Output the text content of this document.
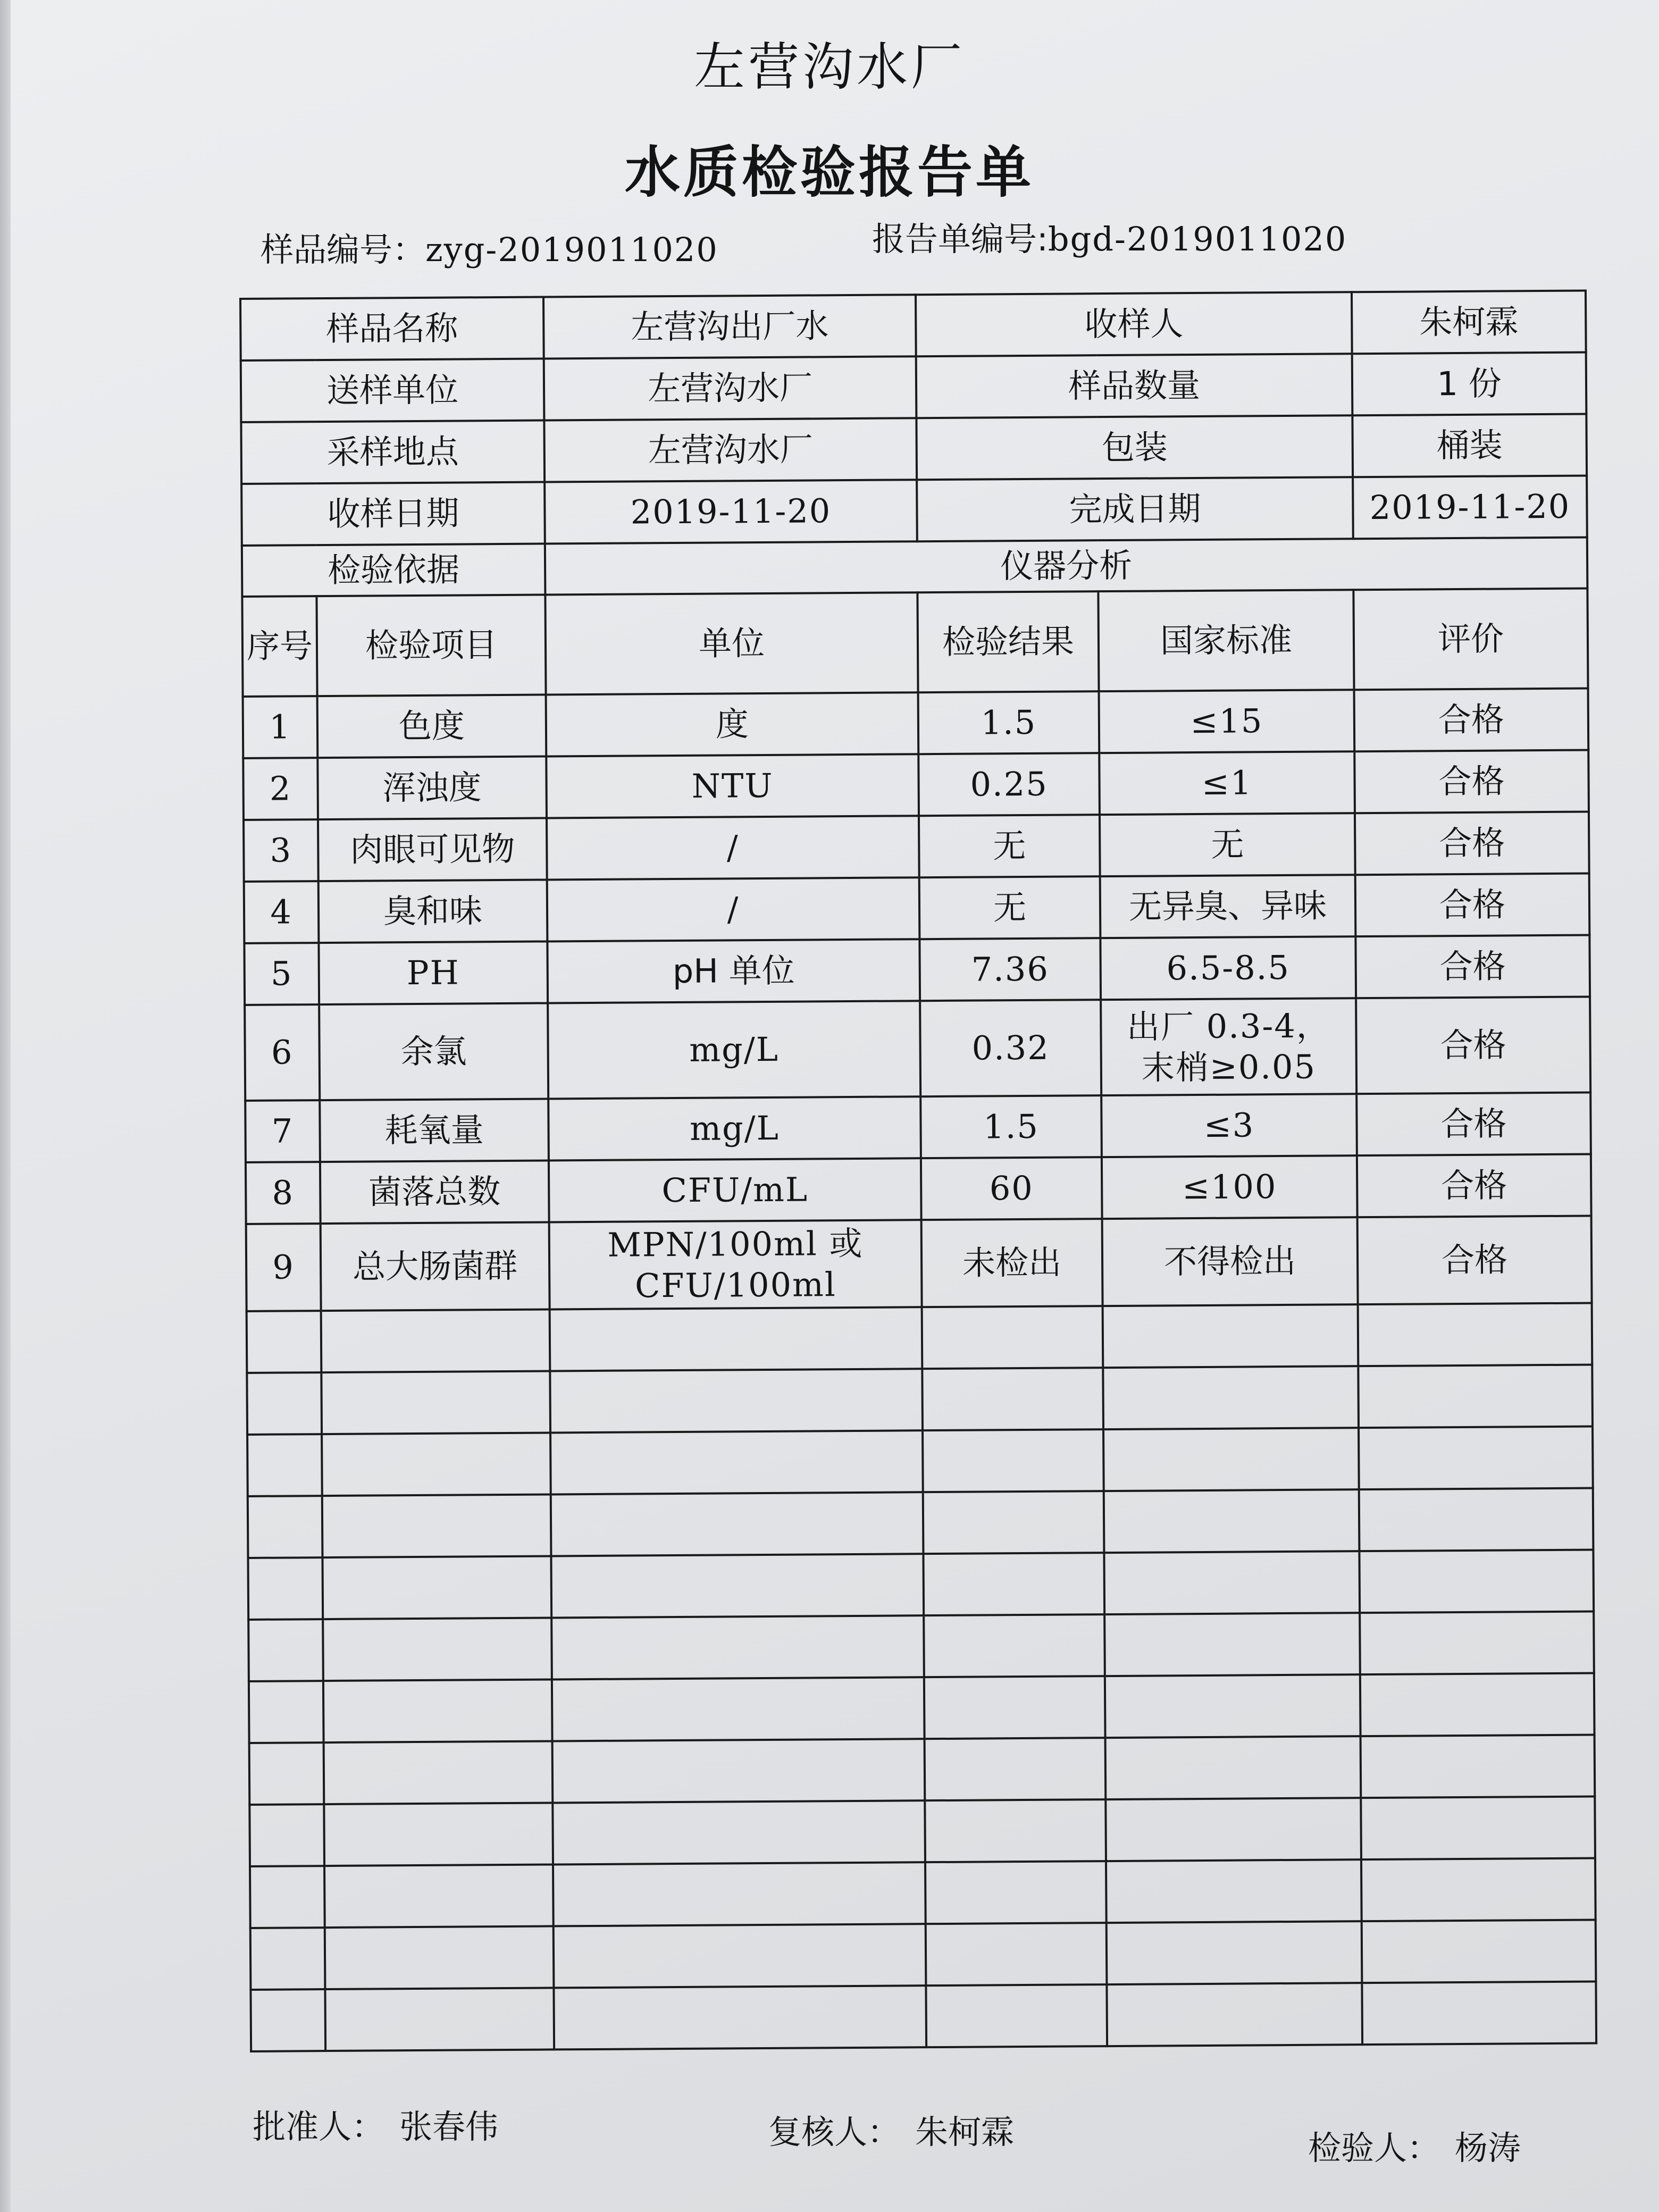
左营沟水厂
水质检验报告单
样品编号：zyg-2019011020	报告单编号:bgd-2019011020
样品名称		左营沟出厂水	收样人		朱柯霖
送样单位		左营沟水厂	样品数量		1 份
采样地点		左营沟水厂	包装		桶装
收样日期		2019-11-20	完成日期		2019-11-20
检验依据		仪器分析			
序号	检验项目	单位	检验结果	国家标准	评价
1	色度	度	1.5	≤15	合格
2	浑浊度	NTU	0.25	≤1	合格
3	肉眼可见物	/	无	无	合格
4	臭和味	/	无	无异臭、异味	合格
5	PH	pH 单位	7.36	6.5-8.5	合格
6	余氯	mg/L	0.32	出厂 0.3-4，
末梢≥0.05	合格
7	耗氧量	mg/L	1.5	≤3	合格
8	菌落总数	CFU/mL	60	≤100	合格
9	总大肠菌群	MPN/100ml 或
CFU/100ml	未检出	不得检出	合格

批准人： 张春伟	复核人： 朱柯霖	检验人： 杨涛
